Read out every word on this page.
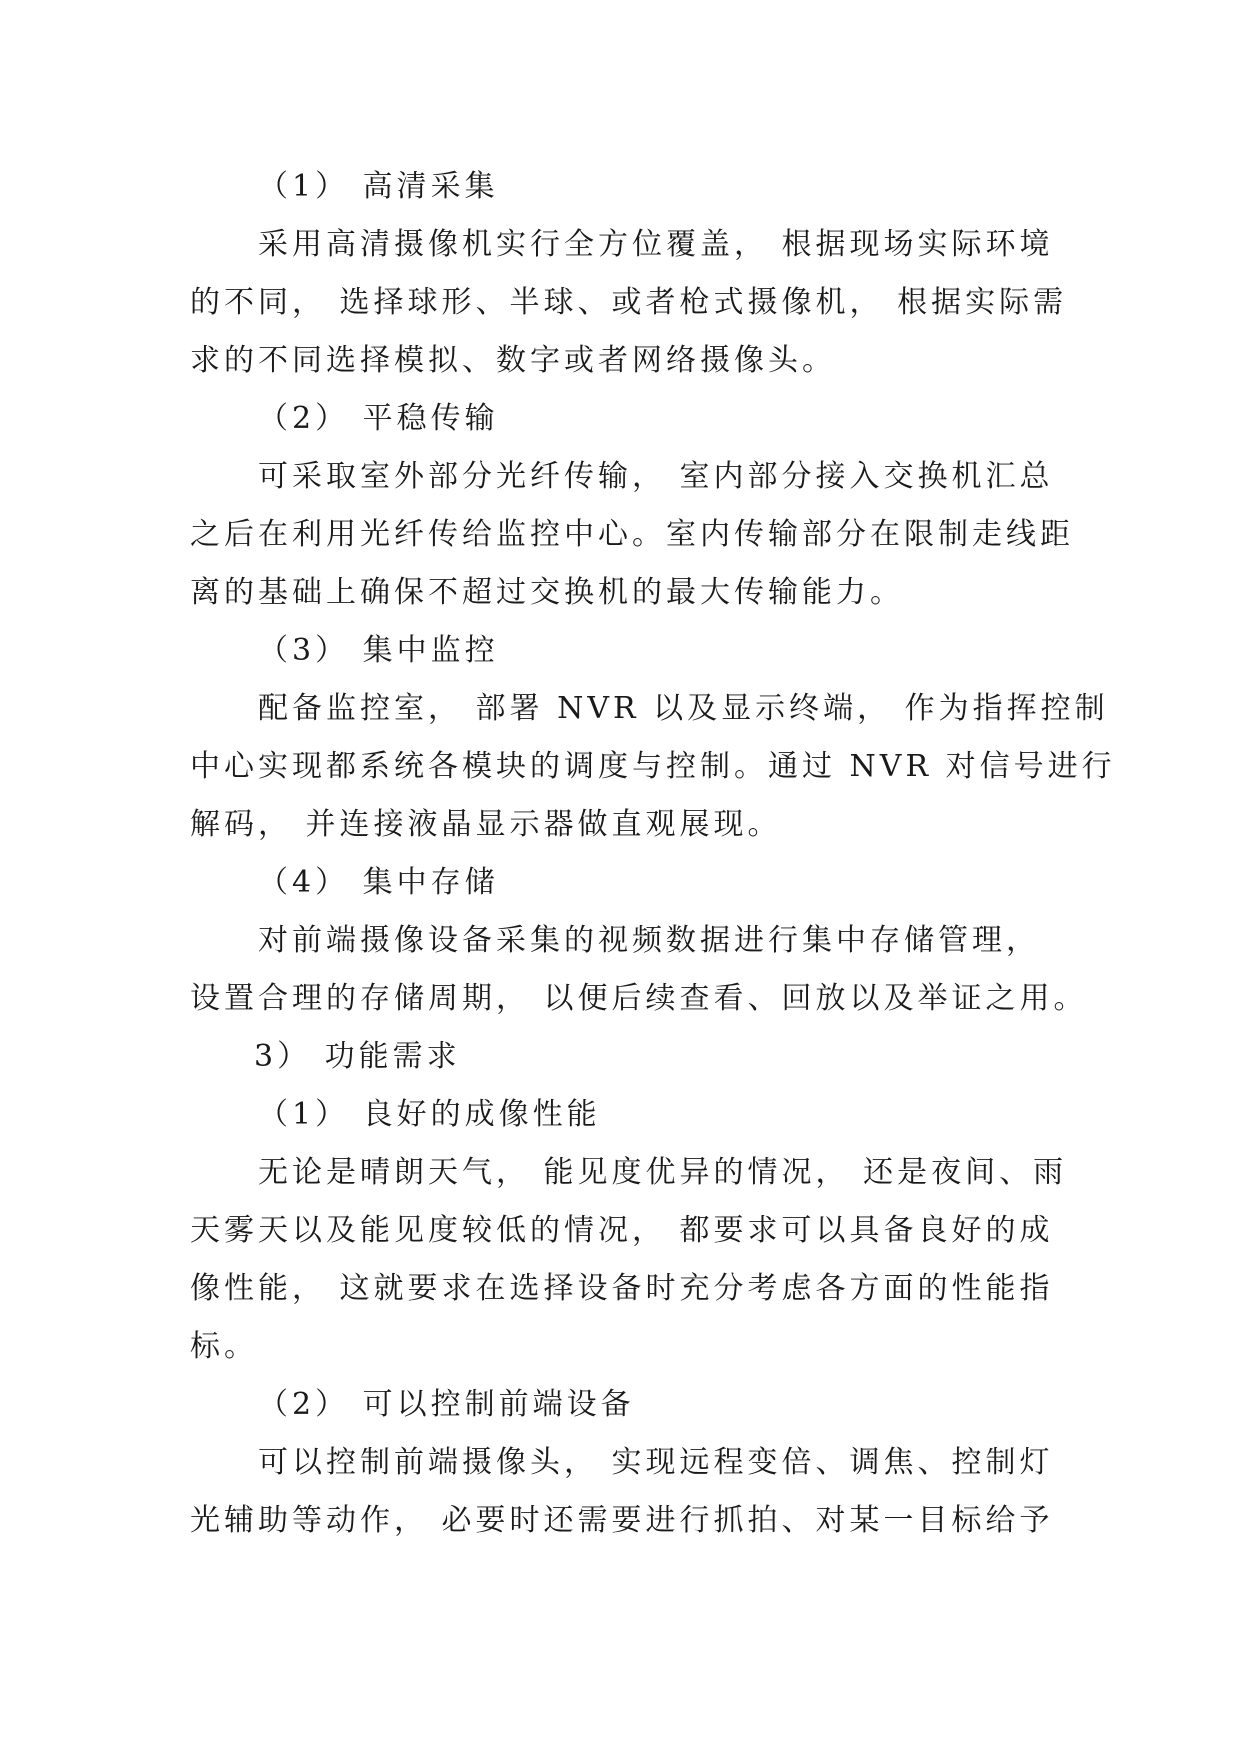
（1） 高清采集
采用高清摄像机实行全方位覆盖， 根据现场实际环境
的不同， 选择球形、半球、或者枪式摄像机， 根据实际需
求的不同选择模拟、数字或者网络摄像头。
（2） 平稳传输
可采取室外部分光纤传输， 室内部分接入交换机汇总
之后在利用光纤传给监控中心。室内传输部分在限制走线距
离的基础上确保不超过交换机的最大传输能力。
（3） 集中监控
配备监控室， 部署 NVR 以及显示终端， 作为指挥控制
中心实现都系统各模块的调度与控制。通过 NVR 对信号进行
解码， 并连接液晶显示器做直观展现。
（4） 集中存储
对前端摄像设备采集的视频数据进行集中存储管理，
设置合理的存储周期， 以便后续查看、回放以及举证之用。
3） 功能需求
（1） 良好的成像性能
无论是晴朗天气， 能见度优异的情况， 还是夜间、雨
天雾天以及能见度较低的情况， 都要求可以具备良好的成
像性能， 这就要求在选择设备时充分考虑各方面的性能指
标。
（2） 可以控制前端设备
可以控制前端摄像头， 实现远程变倍、调焦、控制灯
光辅助等动作， 必要时还需要进行抓拍、对某一目标给予
